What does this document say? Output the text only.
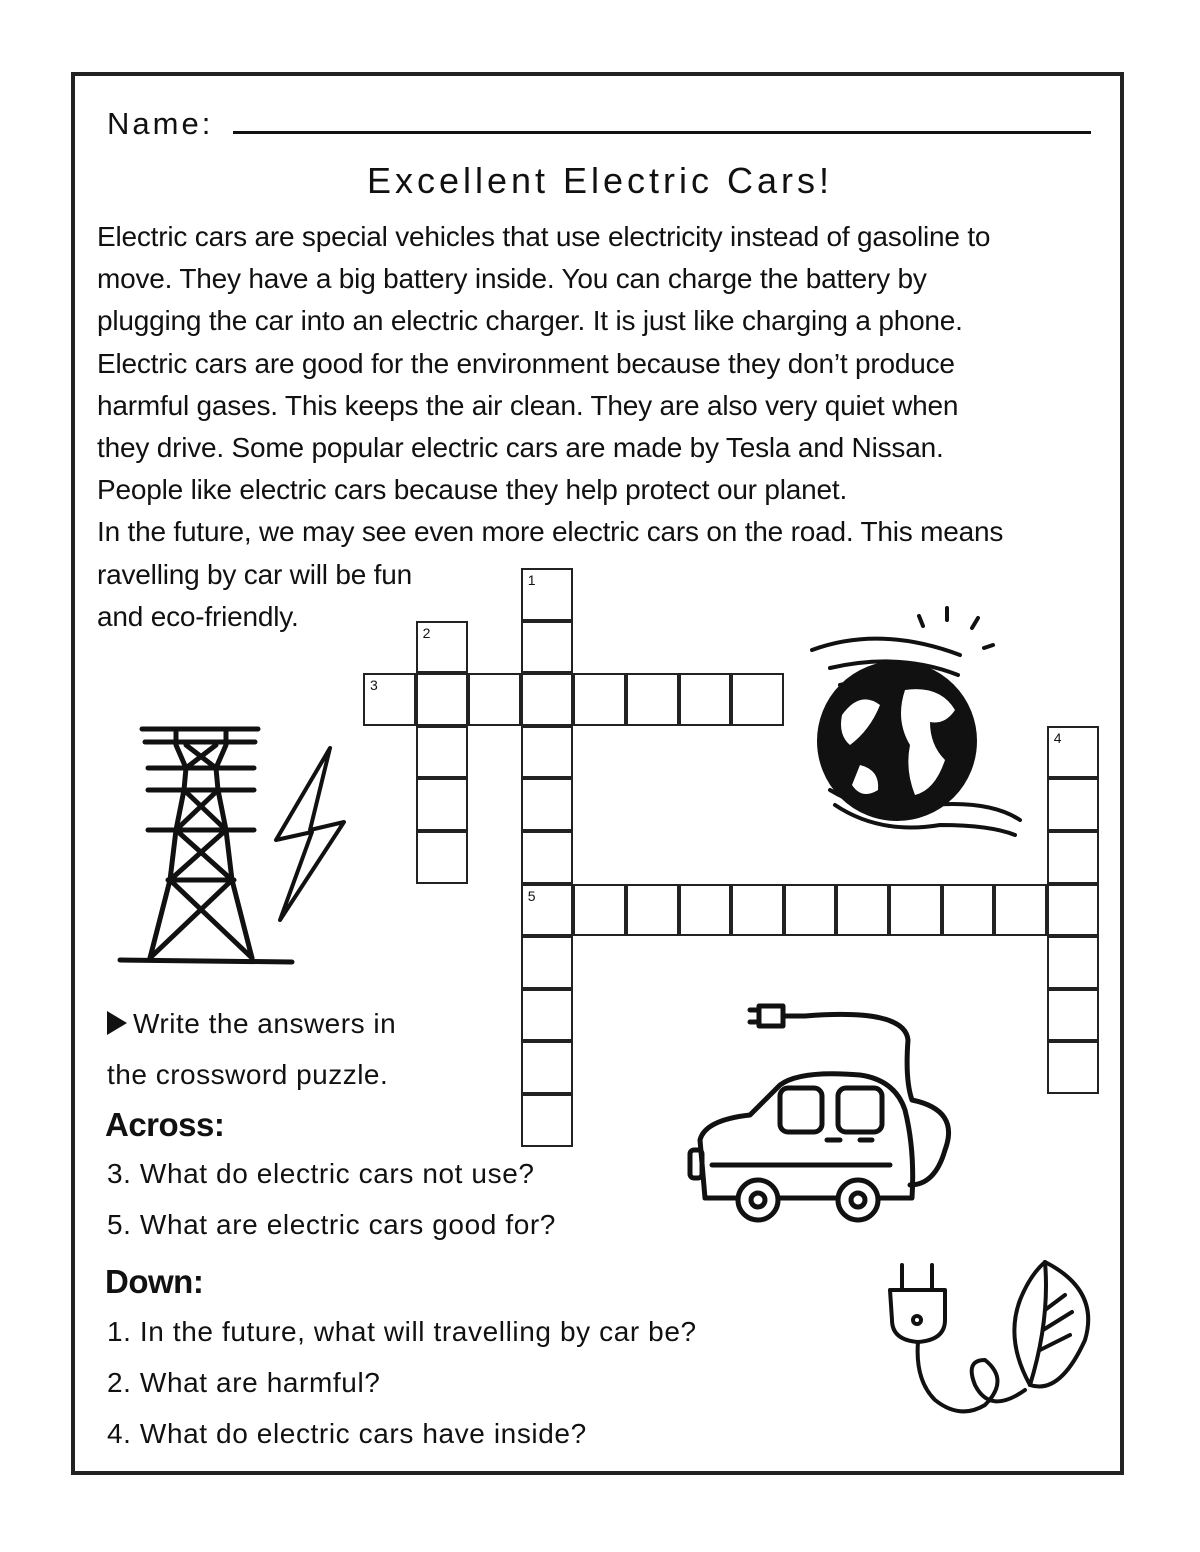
Name:
Excellent Electric Cars!
Electric cars are special vehicles that use electricity instead of gasoline to
move. They have a big battery inside. You can charge the battery by
plugging the car into an electric charger. It is just like charging a phone.
Electric cars are good for the environment because they don’t produce
harmful gases. This keeps the air clean. They are also very quiet when
they drive. Some popular electric cars are made by Tesla and Nissan.
People like electric cars because they help protect our planet.
In the future, we may see even more electric cars on the road. This means
ravelling by car will be fun
and eco-friendly.
1
5
2
3
4
Write the answers in
the crossword puzzle.
Across:
3. What do electric cars not use?
5. What are electric cars good for?
Down:
1. In the future, what will travelling by car be?
2. What are harmful?
4. What do electric cars have inside?
